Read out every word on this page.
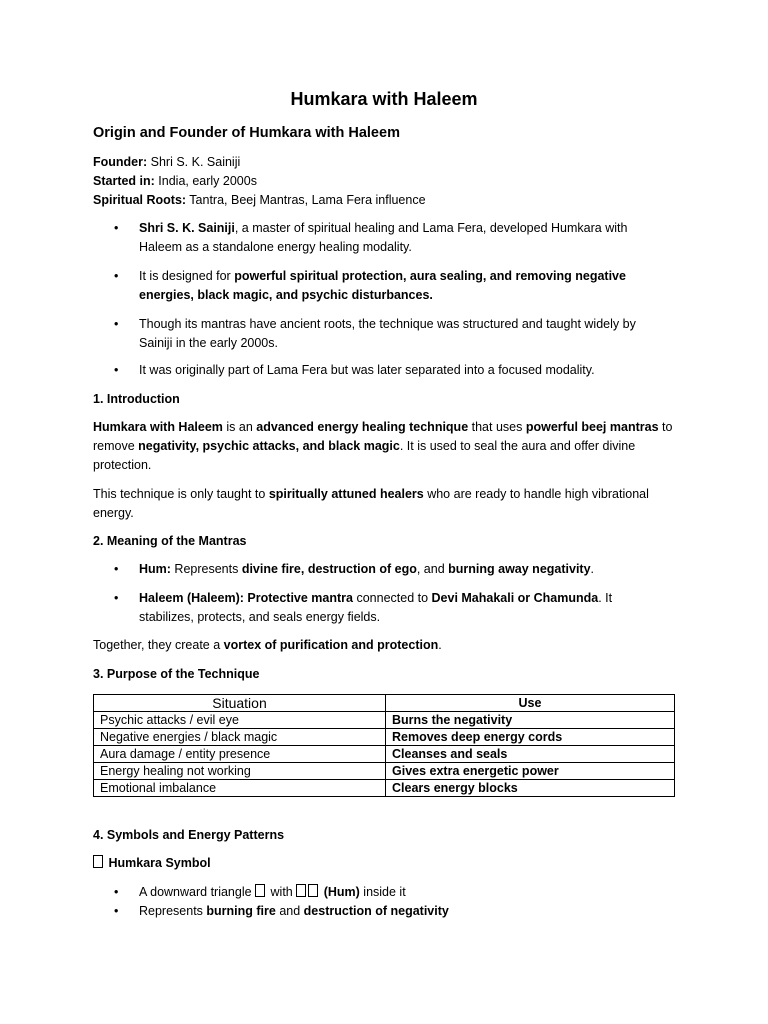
Humkara with Haleem
Origin and Founder of Humkara with Haleem

Founder: Shri S. K. Sainiji

Started in: India, early 2000s

Spiritual Roots: Tantra, Beej Mantras, Lama Fera influence

•	Shri S. K. Sainiji, a master of spiritual healing and Lama Fera, developed Humkara with Haleem as a standalone energy healing modality.
•	It is designed for powerful spiritual protection, aura sealing, and removing negative energies, black magic, and psychic disturbances.
•	Though its mantras have ancient roots, the technique was structured and taught widely by Sainiji in the early 2000s.
•	It was originally part of Lama Fera but was later separated into a focused modality.

1. Introduction

Humkara with Haleem is an advanced energy healing technique that uses powerful beej mantras to remove negativity, psychic attacks, and black magic. It is used to seal the aura and offer divine protection.

This technique is only taught to spiritually attuned healers who are ready to handle high vibrational energy.

2. Meaning of the Mantras

•	Hum: Represents divine fire, destruction of ego, and burning away negativity.
•	Haleem (Haleem): Protective mantra connected to Devi Mahakali or Chamunda. It stabilizes, protects, and seals energy fields.

Together, they create a vortex of purification and protection.

3. Purpose of the Technique

Situation	Use
Psychic attacks / evil eye	Burns the negativity
Negative energies / black magic	Removes deep energy cords
Aura damage / entity presence	Cleanses and seals
Energy healing not working	Gives extra energetic power
Emotional imbalance	Clears energy blocks

4. Symbols and Energy Patterns

Humkara Symbol

•	A downward triangle  with  (Hum) inside it
•	Represents burning fire and destruction of negativity
